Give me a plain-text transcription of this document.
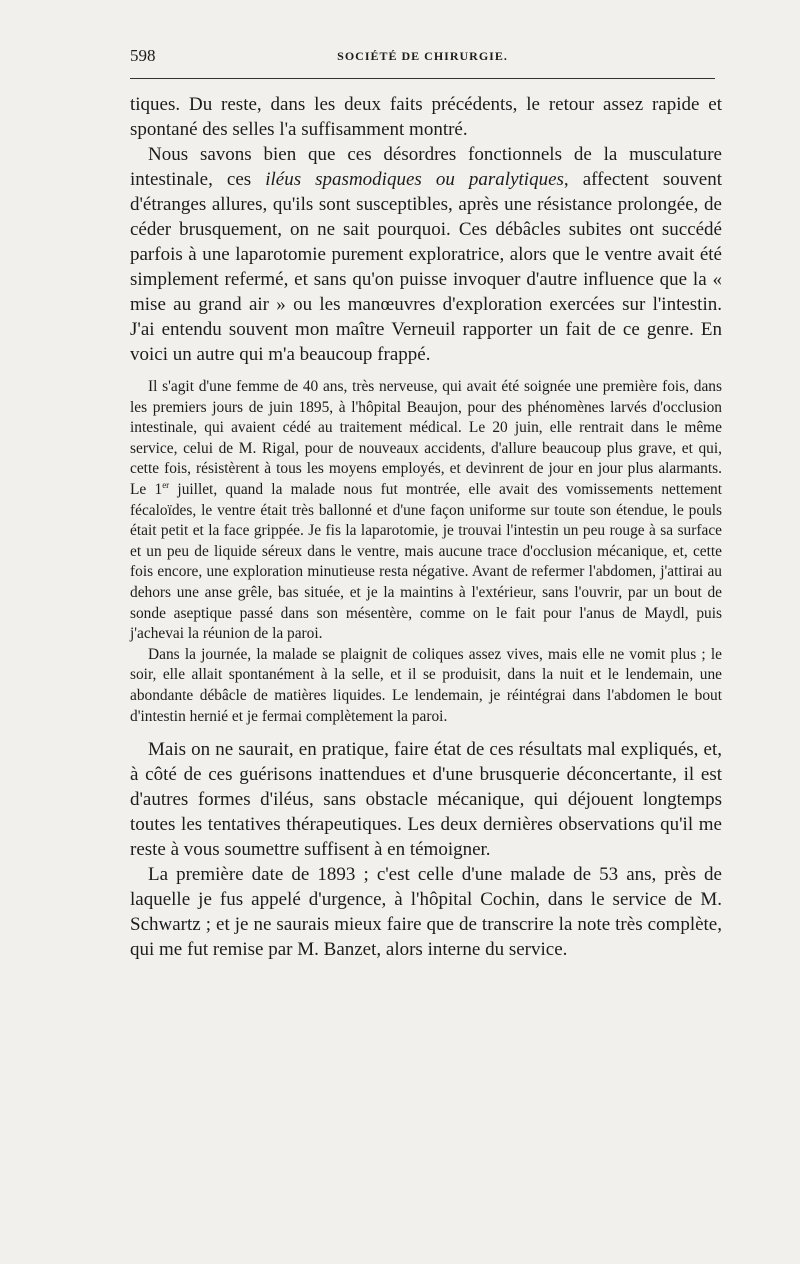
598	SOCIÉTÉ DE CHIRURGIE.

tiques. Du reste, dans les deux faits précédents, le retour assez rapide et spontané des selles l'a suffisamment montré.

Nous savons bien que ces désordres fonctionnels de la musculature intestinale, ces iléus spasmodiques ou paralytiques, affectent souvent d'étranges allures, qu'ils sont susceptibles, après une résistance prolongée, de céder brusquement, on ne sait pourquoi. Ces débâcles subites ont succédé parfois à une laparotomie purement exploratrice, alors que le ventre avait été simplement refermé, et sans qu'on puisse invoquer d'autre influence que la « mise au grand air » ou les manœuvres d'exploration exercées sur l'intestin. J'ai entendu souvent mon maître Verneuil rapporter un fait de ce genre. En voici un autre qui m'a beaucoup frappé.

Il s'agit d'une femme de 40 ans, très nerveuse, qui avait été soignée une première fois, dans les premiers jours de juin 1895, à l'hôpital Beaujon, pour des phénomènes larvés d'occlusion intestinale, qui avaient cédé au traitement médical. Le 20 juin, elle rentrait dans le même service, celui de M. Rigal, pour de nouveaux accidents, d'allure beaucoup plus grave, et qui, cette fois, résistèrent à tous les moyens employés, et devinrent de jour en jour plus alarmants. Le 1er juillet, quand la malade nous fut montrée, elle avait des vomissements nettement fécaloïdes, le ventre était très ballonné et d'une façon uniforme sur toute son étendue, le pouls était petit et la face grippée. Je fis la laparotomie, je trouvai l'intestin un peu rouge à sa surface et un peu de liquide séreux dans le ventre, mais aucune trace d'occlusion mécanique, et, cette fois encore, une exploration minutieuse resta négative. Avant de refermer l'abdomen, j'attirai au dehors une anse grêle, bas située, et je la maintins à l'extérieur, sans l'ouvrir, par un bout de sonde aseptique passé dans son mésentère, comme on le fait pour l'anus de Maydl, puis j'achevai la réunion de la paroi.

Dans la journée, la malade se plaignit de coliques assez vives, mais elle ne vomit plus ; le soir, elle allait spontanément à la selle, et il se produisit, dans la nuit et le lendemain, une abondante débâcle de matières liquides. Le lendemain, je réintégrai dans l'abdomen le bout d'intestin hernié et je fermai complètement la paroi.

Mais on ne saurait, en pratique, faire état de ces résultats mal expliqués, et, à côté de ces guérisons inattendues et d'une brusquerie déconcertante, il est d'autres formes d'iléus, sans obstacle mécanique, qui déjouent longtemps toutes les tentatives thérapeutiques. Les deux dernières observations qu'il me reste à vous soumettre suffisent à en témoigner.

La première date de 1893 ; c'est celle d'une malade de 53 ans, près de laquelle je fus appelé d'urgence, à l'hôpital Cochin, dans le service de M. Schwartz ; et je ne saurais mieux faire que de transcrire la note très complète, qui me fut remise par M. Banzet, alors interne du service.
